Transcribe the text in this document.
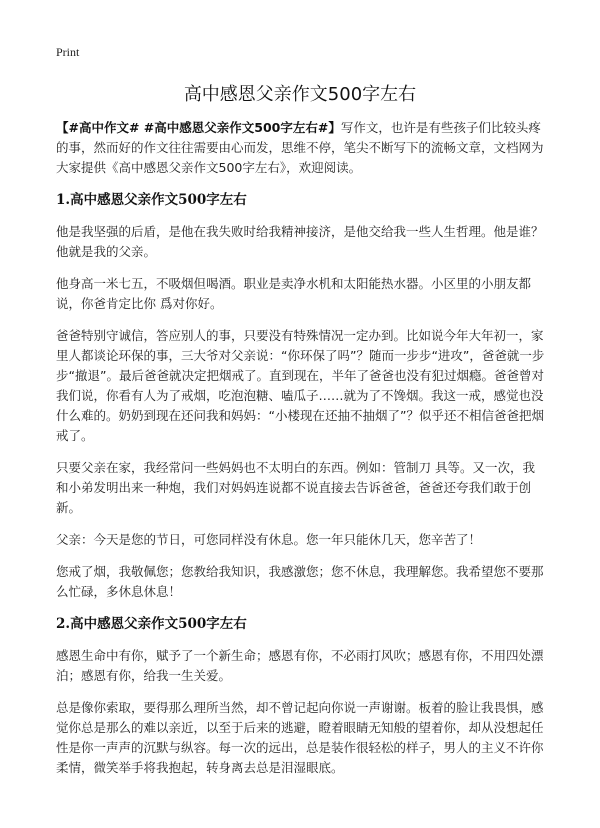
Print
高中感恩父亲作文500字左右

【#高中作文# #高中感恩父亲作文500字左右#】写作文，也许是有些孩子们比较头疼的事，然而好的作文往往需要由心而发，思维不停，笔尖不断写下的流畅文章，文档网为大家提供《高中感恩父亲作文500字左右》，欢迎阅读。

1.高中感恩父亲作文500字左右

他是我坚强的后盾，是他在我失败时给我精神接济，是他交给我一些人生哲理。他是谁？他就是我的父亲。

他身高一米七五，不吸烟但喝酒。职业是卖净水机和太阳能热水器。小区里的小朋友都说，你爸肯定比你 爲对你好。

爸爸特别守诚信，答应别人的事，只要没有特殊情况一定办到。比如说今年大年初一，家里人都谈论环保的事，三大爷对父亲说：“你环保了吗”？随而一步步“进攻”，爸爸就一步步“撤退”。最后爸爸就决定把烟戒了。直到现在，半年了爸爸也没有犯过烟瘾。爸爸曾对我们说，你看有人为了戒烟，吃泡泡糖、嗑瓜子……就为了不馋烟。我这一戒，感觉也没什么难的。奶奶到现在还问我和妈妈：“小楼现在还抽不抽烟了”？似乎还不相信爸爸把烟戒了。

只要父亲在家，我经常问一些妈妈也不太明白的东西。例如：管制刀 具等。又一次，我和小弟发明出来一种炮，我们对妈妈连说都不说直接去告诉爸爸，爸爸还夸我们敢于创新。

父亲：今天是您的节日，可您同样没有休息。您一年只能休几天，您辛苦了！

您戒了烟，我敬佩您；您教给我知识，我感激您；您不休息，我理解您。我希望您不要那么忙碌，多休息休息！

2.高中感恩父亲作文500字左右

感恩生命中有你，赋予了一个新生命；感恩有你，不必雨打风吹；感恩有你，不用四处漂泊；感恩有你，给我一生关爱。

总是像你索取，要得那么理所当然，却不曾记起向你说一声谢谢。板着的脸让我畏惧，感觉你总是那么的难以亲近，以至于后来的逃避，瞪着眼睛无知般的望着你，却从没想起任性是你一声声的沉默与纵容。每一次的远出，总是装作很轻松的样子，男人的主义不许你柔情，微笑举手将我抱起，转身离去总是泪湿眼底。
